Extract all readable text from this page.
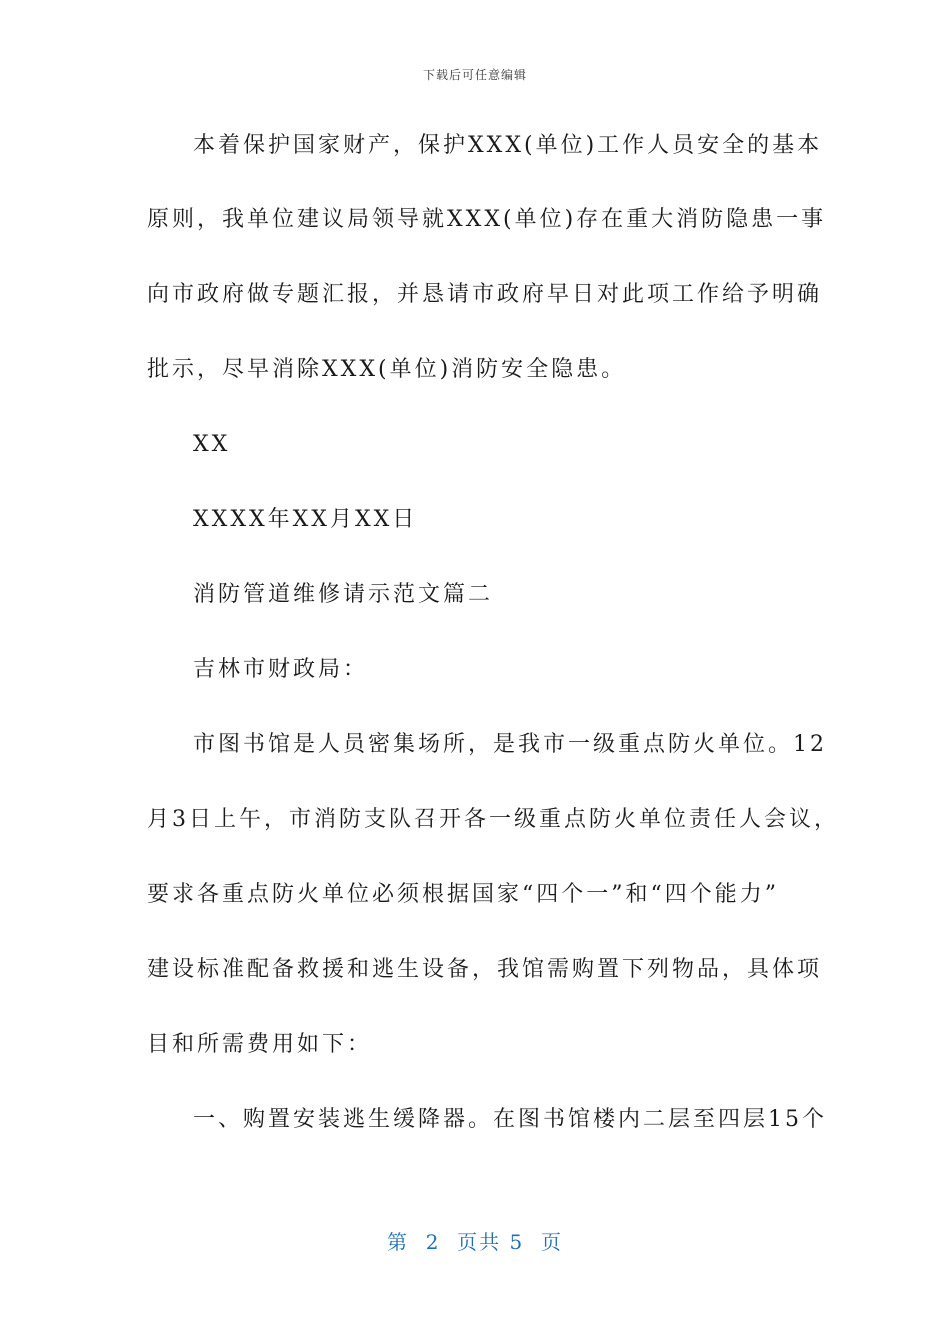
下载后可任意编辑
本着保护国家财产，保护XXX(单位)工作人员安全的基本
原则，我单位建议局领导就XXX(单位)存在重大消防隐患一事
向市政府做专题汇报，并恳请市政府早日对此项工作给予明确
批示，尽早消除XXX(单位)消防安全隐患。
XX
XXXX年XX月XX日
消防管道维修请示范文篇二
吉林市财政局：
市图书馆是人员密集场所，是我市一级重点防火单位。12
月3日上午，市消防支队召开各一级重点防火单位责任人会议，
要求各重点防火单位必须根据国家“四个一”和“四个能力”
建设标准配备救援和逃生设备，我馆需购置下列物品，具体项
目和所需费用如下：
一、购置安装逃生缓降器。在图书馆楼内二层至四层15个
第  2  页共 5  页
